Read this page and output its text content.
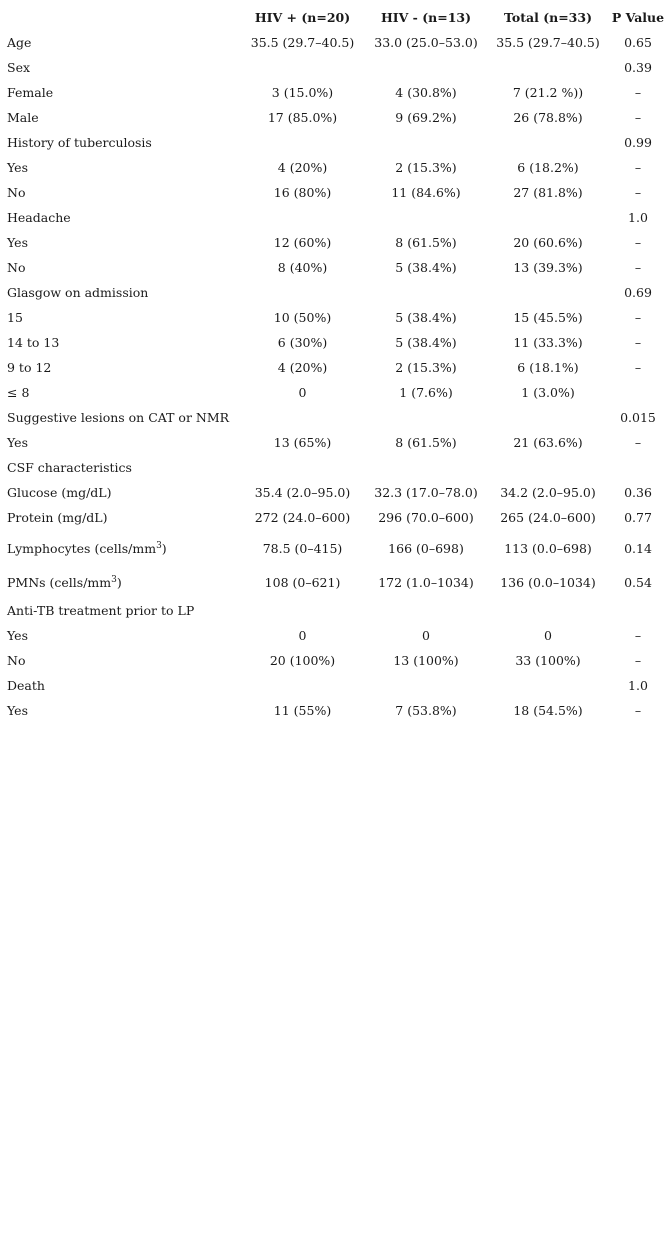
	HIV + (n=20)	HIV - (n=13)	Total (n=33)	P Value
Age	35.5 (29.7–40.5)	33.0 (25.0–53.0)	35.5 (29.7–40.5)	0.65
Sex				0.39
Female	3 (15.0%)	4 (30.8%)	7 (21.2 %))	–
Male	17 (85.0%)	9 (69.2%)	26 (78.8%)	–
History of tuberculosis				0.99
Yes	4 (20%)	2 (15.3%)	6 (18.2%)	–
No	16 (80%)	11 (84.6%)	27 (81.8%)	–
Headache				1.0
Yes	12 (60%)	8 (61.5%)	20 (60.6%)	–
No	8 (40%)	5 (38.4%)	13 (39.3%)	–
Glasgow on admission				0.69
15	10 (50%)	5 (38.4%)	15 (45.5%)	–
14 to 13	6 (30%)	5 (38.4%)	11 (33.3%)	–
9 to 12	4 (20%)	2 (15.3%)	6 (18.1%)	–
≤ 8	0	1 (7.6%)	1 (3.0%)	
Suggestive lesions on CAT or NMR				0.015
Yes	13 (65%)	8 (61.5%)	21 (63.6%)	–
CSF characteristics				
Glucose (mg/dL)	35.4 (2.0–95.0)	32.3 (17.0–78.0)	34.2 (2.0–95.0)	0.36
Protein (mg/dL)	272 (24.0–600)	296 (70.0–600)	265 (24.0–600)	0.77
Lymphocytes $(cells/mm^3)$	78.5 (0–415)	166 (0–698)	113 (0.0–698)	0.14
PMNs $(cells/mm^3)$	108 (0–621)	172 (1.0–1034)	136 (0.0–1034)	0.54
Anti-TB treatment prior to LP				
Yes	0	0	0	–
No	20 (100%)	13 (100%)	33 (100%)	–
Death				1.0
Yes	11 (55%)	7 (53.8%)	18 (54.5%)	–
